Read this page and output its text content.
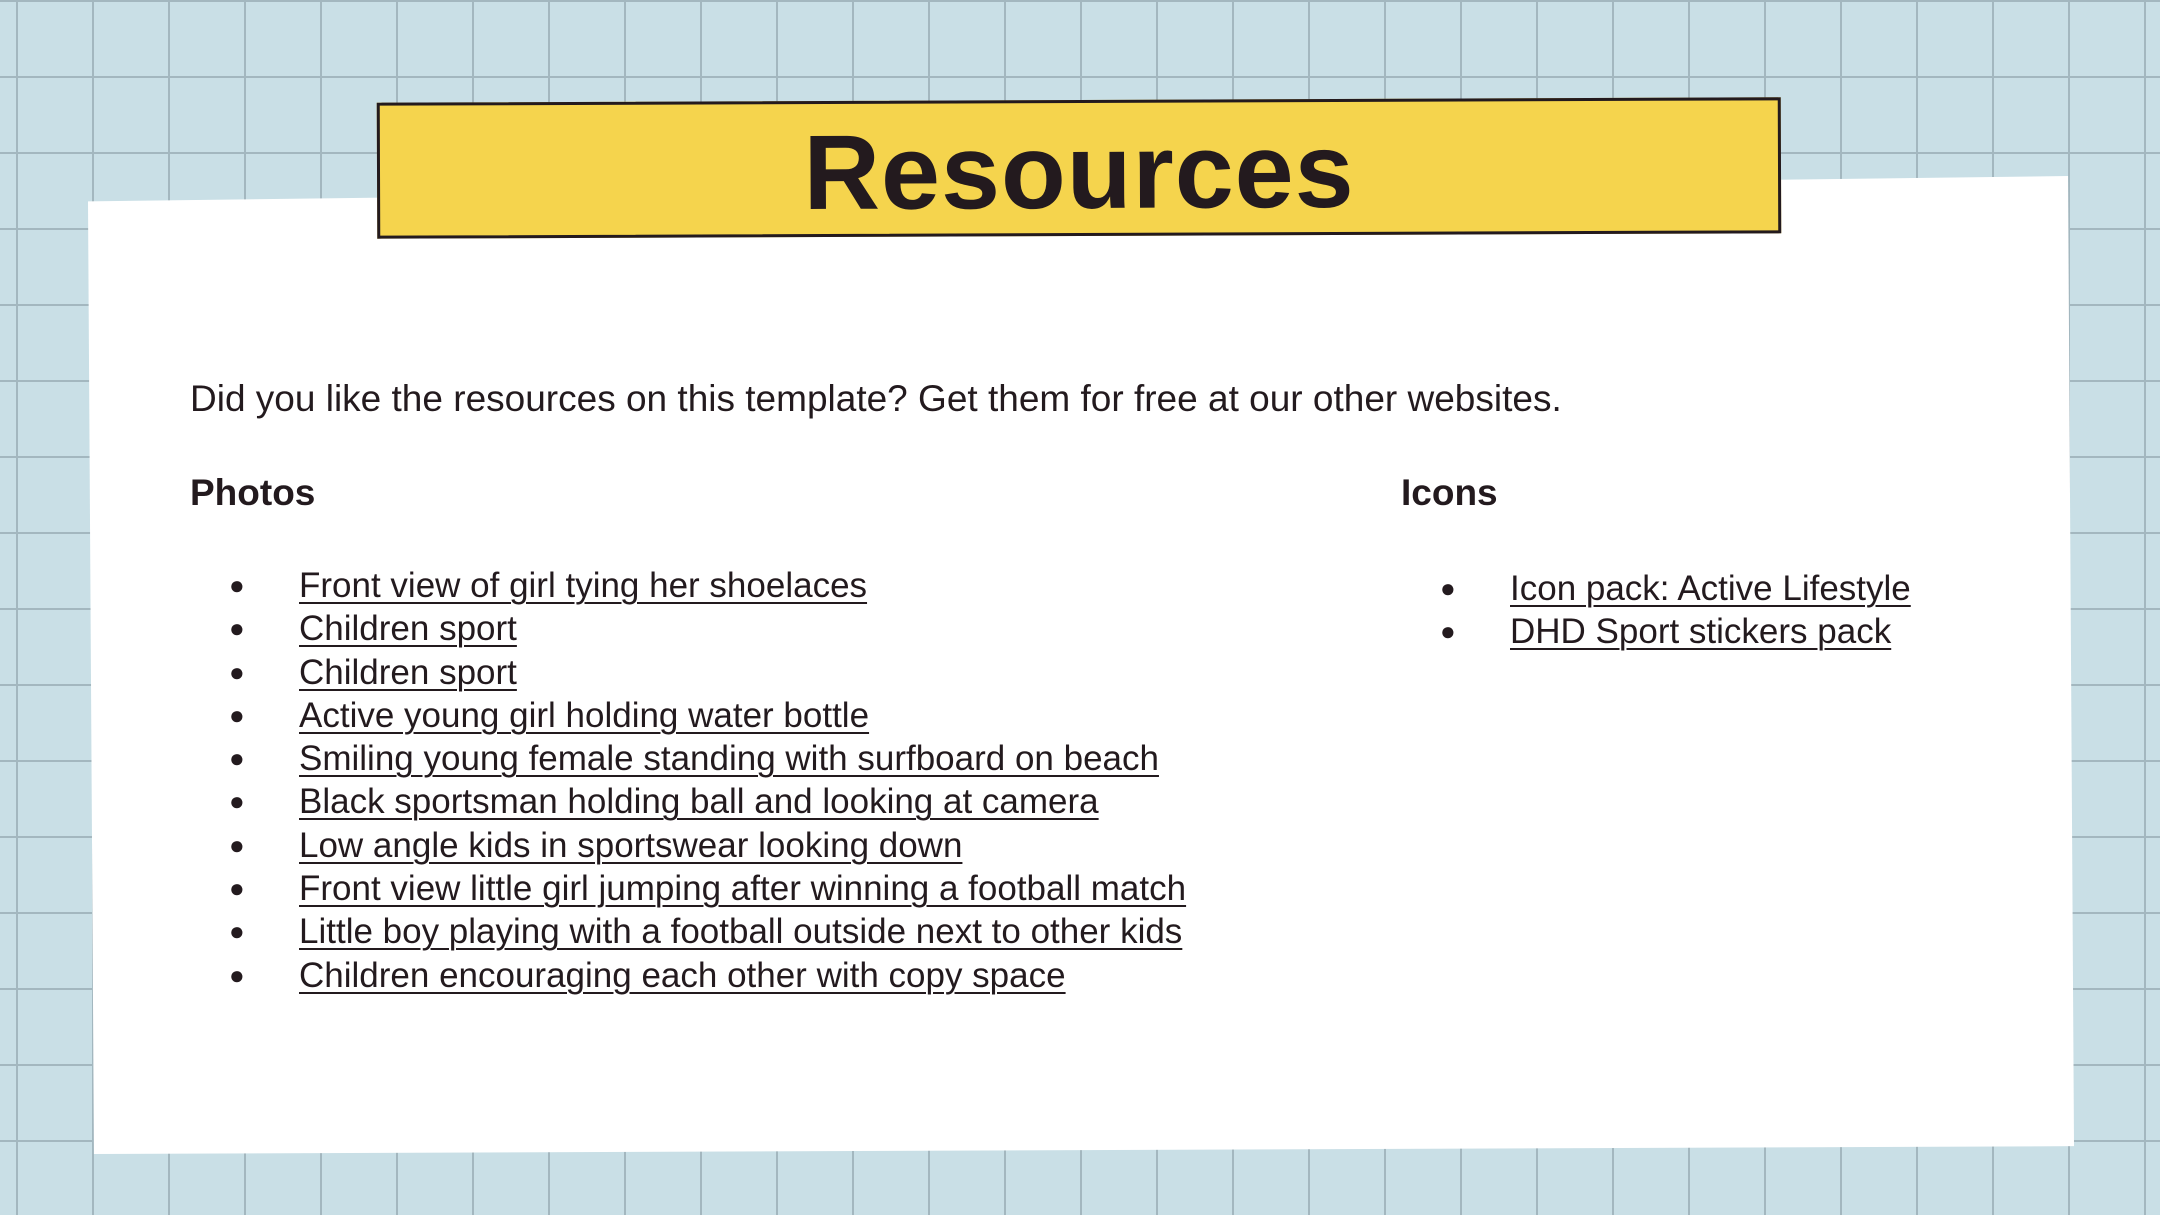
Resources

Did you like the resources on this template? Get them for free at our other websites.

Photos	Icons
● Front view of girl tying her shoelaces
● Children sport
● Children sport
● Active young girl holding water bottle
● Smiling young female standing with surfboard on beach
● Black sportsman holding ball and looking at camera
● Low angle kids in sportswear looking down
● Front view little girl jumping after winning a football match
● Little boy playing with a football outside next to other kids
● Children encouraging each other with copy space
● Icon pack: Active Lifestyle
● DHD Sport stickers pack
